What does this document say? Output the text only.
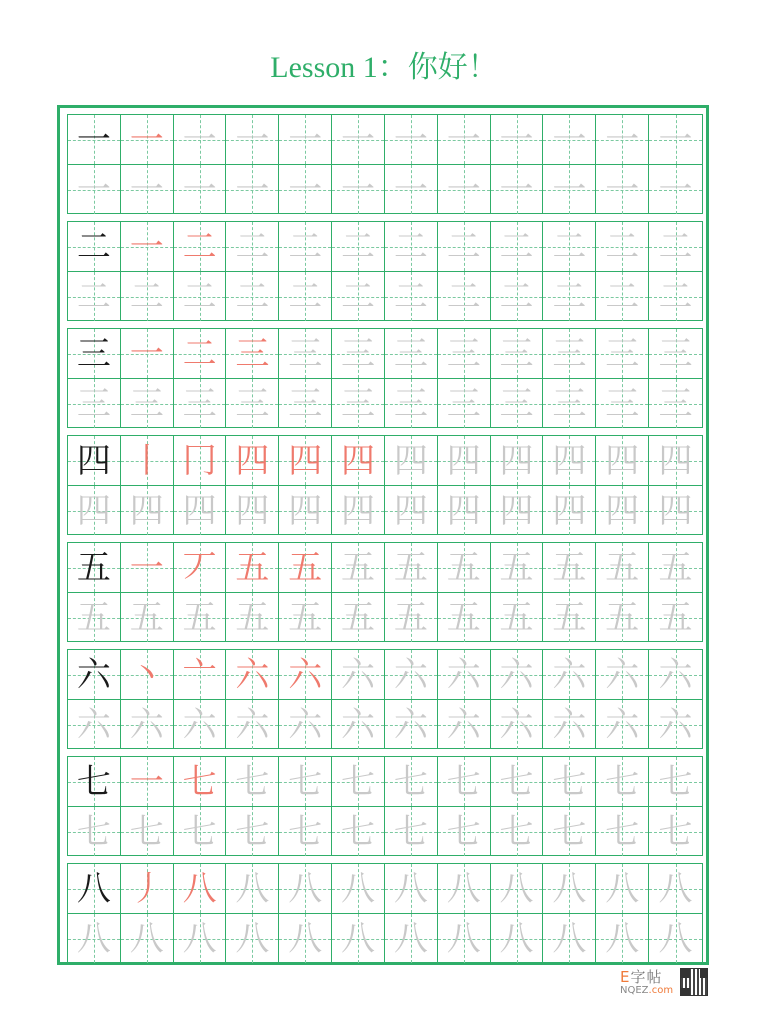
Lesson 1：你好！
一 一 一 一 一 一 一 一 一 一 一 一
一 一 一 一 一 一 一 一 一 一 一 一
二 一 二 二 二 二 二 二 二 二 二 二
二 二 二 二 二 二 二 二 二 二 二 二
三 一 二 三 三 三 三 三 三 三 三 三
三 三 三 三 三 三 三 三 三 三 三 三
四 丨 冂 四 四 四 四 四 四 四 四 四
四 四 四 四 四 四 四 四 四 四 四 四
五 一 丆 五 五 五 五 五 五 五 五 五
五 五 五 五 五 五 五 五 五 五 五 五
六 丶 亠 六 六 六 六 六 六 六 六 六
六 六 六 六 六 六 六 六 六 六 六 六
七 一 七 七 七 七 七 七 七 七 七 七
七 七 七 七 七 七 七 七 七 七 七 七
八 丿 八 八 八 八 八 八 八 八 八 八
八 八 八 八 八 八 八 八 八 八 八 八
E字帖
NQEZ.com
